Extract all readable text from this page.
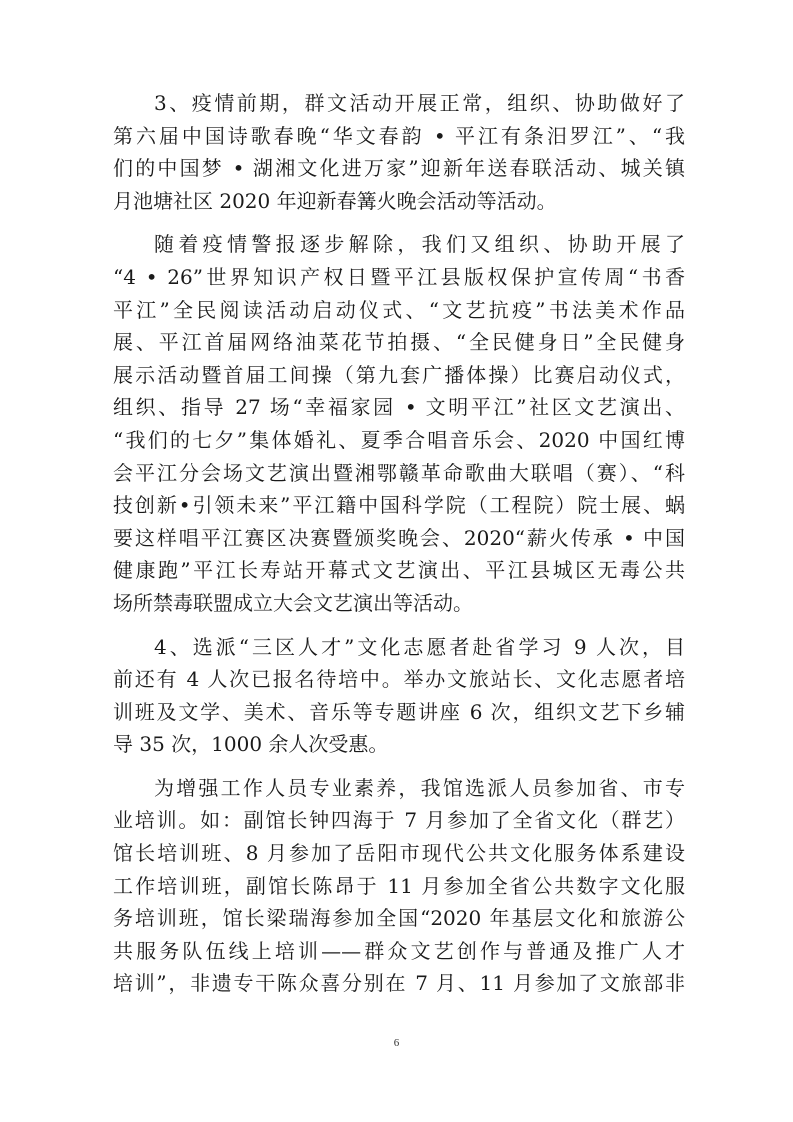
3、疫情前期，群文活动开展正常，组织、协助做好了
第六届中国诗歌春晚“华文春韵 • 平江有条汨罗江”、“我
们的中国梦 • 湖湘文化进万家”迎新年送春联活动、城关镇
月池塘社区 2020 年迎新春篝火晚会活动等活动。
随着疫情警报逐步解除，我们又组织、协助开展了
“4 • 26”世界知识产权日暨平江县版权保护宣传周“书香
平江”全民阅读活动启动仪式、“文艺抗疫”书法美术作品
展、平江首届网络油菜花节拍摄、“全民健身日”全民健身
展示活动暨首届工间操（第九套广播体操）比赛启动仪式，
组织、指导 27 场“幸福家园 • 文明平江”社区文艺演出、
“我们的七夕”集体婚礼、夏季合唱音乐会、2020 中国红博
会平江分会场文艺演出暨湘鄂赣革命歌曲大联唱（赛）、“科
技创新•引领未来”平江籍中国科学院（工程院）院士展、蜗
要这样唱平江赛区决赛暨颁奖晚会、2020“薪火传承 • 中国
健康跑”平江长寿站开幕式文艺演出、平江县城区无毒公共
场所禁毒联盟成立大会文艺演出等活动。
4、选派“三区人才”文化志愿者赴省学习 9 人次，目
前还有 4 人次已报名待培中。举办文旅站长、文化志愿者培
训班及文学、美术、音乐等专题讲座 6 次，组织文艺下乡辅
导 35 次，1000 余人次受惠。
为增强工作人员专业素养，我馆选派人员参加省、市专
业培训。如：副馆长钟四海于 7 月参加了全省文化（群艺）
馆长培训班、8 月参加了岳阳市现代公共文化服务体系建设
工作培训班，副馆长陈昂于 11 月参加全省公共数字文化服
务培训班，馆长梁瑞海参加全国“2020 年基层文化和旅游公
共服务队伍线上培训——群众文艺创作与普通及推广人才
培训”，非遗专干陈众喜分别在 7 月、11 月参加了文旅部非
6
